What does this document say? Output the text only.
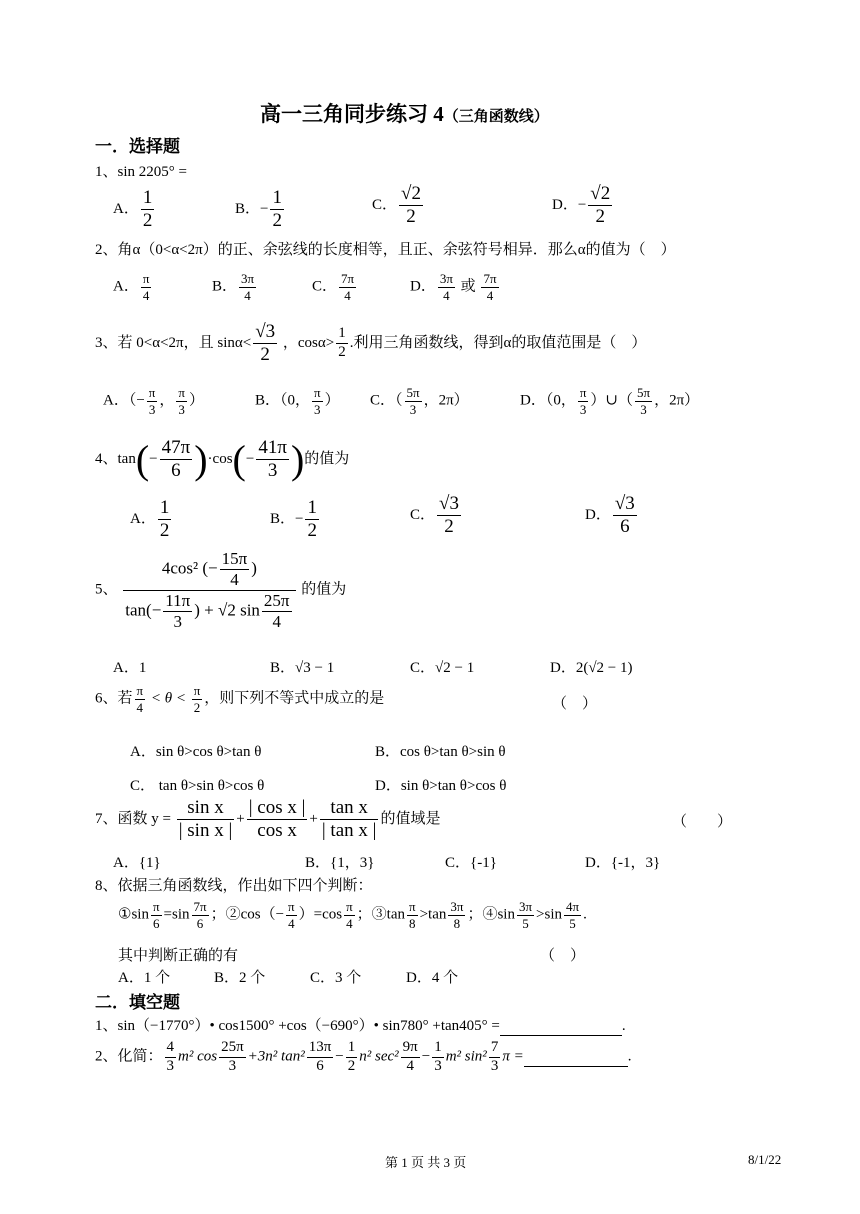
高一三角同步练习 4（三角函数线）
一．选择题
1、sin 2205° =
A． $\frac{1}{2}$	B．− $\frac{1}{2}$	C． $\frac{√2}{2}$	D．− $\frac{√2}{2}$
2、角α（0<α<2π）的正、余弦线的长度相等，且正、余弦符号相异．那么α的值为（　）
A． $\frac{\pi}{4}$	B． $\frac{3\pi}{4}$	C． $\frac{7\pi}{4}$	D． $\frac{3\pi}{4}$ 或 $\frac{7\pi}{4}$
3、若 0<α<2π，且 $\sin\alpha< \frac{√3}{2}$ ，$\cos\alpha> \frac{1}{2}$ .利用三角函数线，得到α的取值范围是（　）
A．（− $\frac{\pi}{3}$ ， $\frac{\pi}{3}$ ）	B．（0， $\frac{\pi}{3}$ ） C．（ $\frac{5\pi}{3}$ ，2π）	D．（0， $\frac{\pi}{3}$ ）∪（ $\frac{5\pi}{3}$ ，2π）
4、$\tan(- \frac{47\pi}{6} )\cdot\cos(- \frac{41\pi}{3}$ )的值为
A． $\frac{1}{2}$	B．− $\frac{1}{2}$	C． $\frac{√3}{2}$	D． $\frac{√3}{6}$
5、 $\frac{4\cos^2 (- \frac{15\pi}{4} )}{\tan(- \frac{11\pi}{3} ) + √2 \sin \frac{25\pi}{4}}$ 的值为
A．1	B．√3 − 1	C．√2 − 1	D．2(√2 − 1)
6、若 $\frac{\pi}{4} < \theta < \frac{\pi}{2}$ ，则下列不等式中成立的是	（　）
A．sin θ>cos θ>tan θ	B．cos θ>tan θ>sin θ
C． tan θ>sin θ>cos θ	D．sin θ>tan θ>cos θ
7、函数 $y = \frac{\text{sin x}}{\text{| sin x |}} + \frac{\text{| cos x |}}{\text{cos x}} + \frac{\text{tan x}}{\text{| tan x |}}$ 的值域是	（　　）
A．{1}	B．{1，3}	C．{-1}	D．{-1，3}
8、依据三角函数线，作出如下四个判断：
①sin $\frac{\pi}{6} =\sin \frac{7\pi}{6}$ ；②cos（− $\frac{\pi}{4} )=\cos \frac{\pi}{4}$ ；③tan $\frac{\pi}{8} >\tan \frac{3\pi}{8}$ ；④sin $\frac{3\pi}{5} >\sin \frac{4\pi}{5}$ .
其中判断正确的有	（　）
A．1 个	B．2 个	C．3 个	D．4 个
二．填空题
1、sin（−1770°）• cos1500° +cos（−690°）• sin780° +tan405° =	.
2、化简： $\frac{4}{3} m^2$ $\cos \frac{25\pi}{3} +3n^2$ $\tan^2 \frac{13\pi}{6} - \frac{1}{2} n^2$ $\sec^2 \frac{9\pi}{4} - \frac{1}{3} m^2$ $\sin^2 \frac{7}{3}$ π =	.
第 1 页 共 3 页	8/1/22
